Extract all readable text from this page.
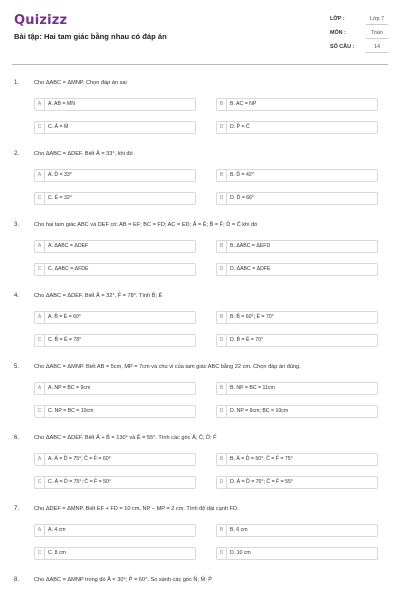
Quizizz
Bài tập: Hai tam giác bằng nhau có đáp án
LỚP :	Lớp 7
MÔN :	Toán
SỐ CÂU :	14
1.	Cho ΔABC = ΔMNP. Chọn đáp án sai
A	A. AB = MN	B	B. AC = NP
C	C. Â = M̂	D	D. P̂ = Ĉ
2.	Cho ΔABC = ΔDEF. Biết Â = 33°, khi đó
A	A. D̂ = 33°	B	B. D̂ = 42°
C	C. Ê = 32°	D	D. D̂ = 66°
3.	Cho hai tam giác ABC và DEF có: AB = EF; BC = FD; AC = ED; Â = Ê; B̂ = F̂; D̂ = Ĉ khi đó
A	A. ΔABC = ΔDEF	B	B. ΔABC = ΔEFD
C	C. ΔABC = ΔFDE	D	D. ΔABC = ΔDFE
4.	Cho ΔABC = ΔDEF. Biết Â = 32°, F̂ = 78°. Tính B̂; Ê
A	A. B̂ = Ê = 60°	B	B. B̂ = 60°; Ê = 70°
C	C. B̂ = Ê = 78°	D	D. B̂ = Ê = 70°
5.	Cho ΔABC = ΔMNP. Biết AB = 5cm, MP = 7cm và chu vi của tam giác ABC bằng 22 cm. Chọn đáp án đúng.
A	A. NP = BC = 9cm	B	B. NP = BC = 11cm
C	C. NP = BC = 10cm	D	D. NP = 9cm; BC = 10cm
6.	Cho ΔABC = ΔDEF. Biết Â + B̂ = 130° và Ê = 55°. Tính các góc Â; Ĉ; D̂; F̂
A	A. Â = D̂ = 75°; Ĉ = F̂ = 60°	B	B. Â = D̂ = 50°; Ĉ = F̂ = 75°
C	C. Â = D̂ = 75°; Ĉ = F̂ = 50°	D	D. Â = D̂ = 75°; Ĉ = F̂ = 55°
7.	Cho ΔDEF = ΔMNP. Biết EF + FD = 10 cm, NP − MP = 2 cm. Tính độ dài cạnh FD.
A	A. 4 cm	B	B. 6 cm
C	C. 8 cm	D	D. 10 cm
8.	Cho ΔABC = ΔMNP trong đó Â = 30°; P̂ = 60°. So sánh các góc N̂; M̂; P̂
